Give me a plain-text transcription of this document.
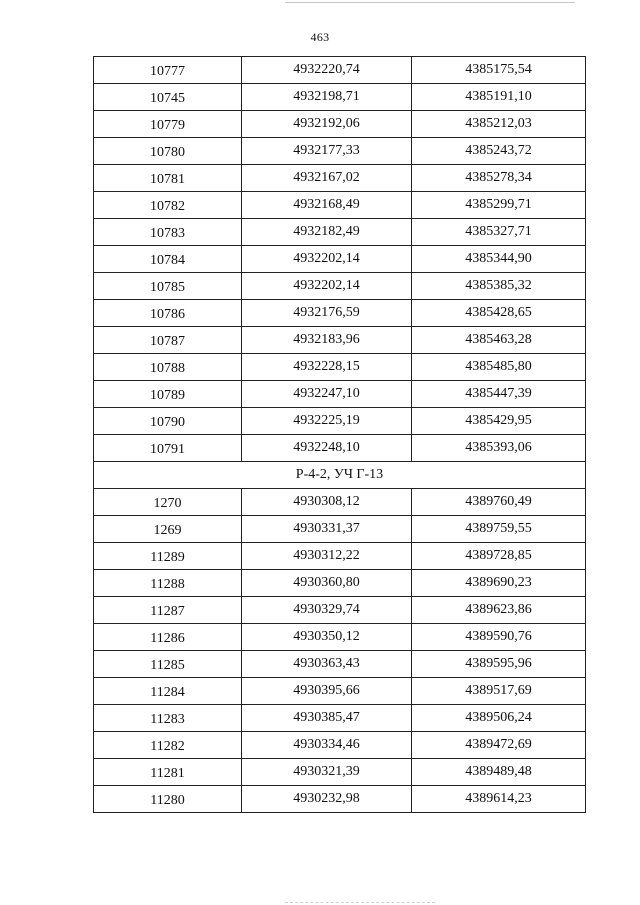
463
10777	4932220,74	4385175,54
10745	4932198,71	4385191,10
10779	4932192,06	4385212,03
10780	4932177,33	4385243,72
10781	4932167,02	4385278,34
10782	4932168,49	4385299,71
10783	4932182,49	4385327,71
10784	4932202,14	4385344,90
10785	4932202,14	4385385,32
10786	4932176,59	4385428,65
10787	4932183,96	4385463,28
10788	4932228,15	4385485,80
10789	4932247,10	4385447,39
10790	4932225,19	4385429,95
10791	4932248,10	4385393,06
Р-4-2, УЧ Г-13		
1270	4930308,12	4389760,49
1269	4930331,37	4389759,55
11289	4930312,22	4389728,85
11288	4930360,80	4389690,23
11287	4930329,74	4389623,86
11286	4930350,12	4389590,76
11285	4930363,43	4389595,96
11284	4930395,66	4389517,69
11283	4930385,47	4389506,24
11282	4930334,46	4389472,69
11281	4930321,39	4389489,48
11280	4930232,98	4389614,23
